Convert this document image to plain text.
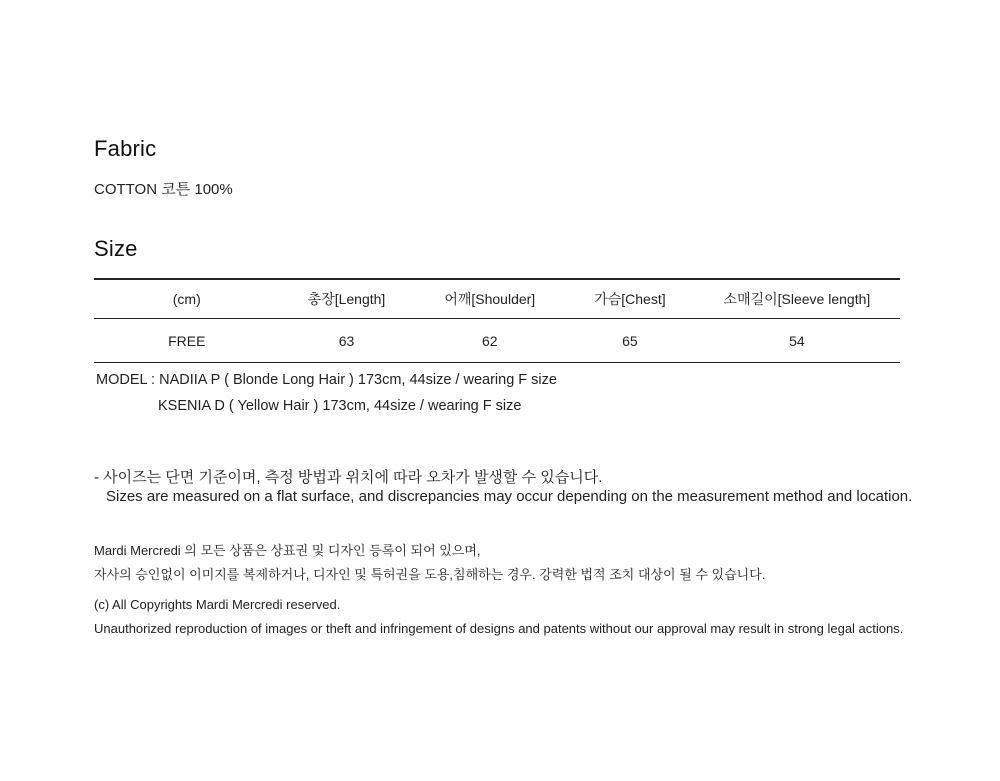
Fabric
COTTON 코튼 100%
Size
(cm)	총장[Length]	어깨[Shoulder]	가슴[Chest]	소매길이[Sleeve length]
FREE	63	62	65	54
MODEL : NADIIA P ( Blonde Long Hair ) 173cm, 44size / wearing F size
KSENIA D ( Yellow Hair ) 173cm, 44size / wearing F size
- 사이즈는 단면 기준이며, 측정 방법과 위치에 따라 오차가 발생할 수 있습니다.
Sizes are measured on a flat surface, and discrepancies may occur depending on the measurement method and location.
Mardi Mercredi 의 모든 상품은 상표권 및 디자인 등록이 되어 있으며,
자사의 승인없이 이미지를 복제하거나, 디자인 및 특허권을 도용,침해하는 경우. 강력한 법적 조치 대상이 될 수 있습니다.
(c) All Copyrights Mardi Mercredi reserved.
Unauthorized reproduction of images or theft and infringement of designs and patents without our approval may result in strong legal actions.
